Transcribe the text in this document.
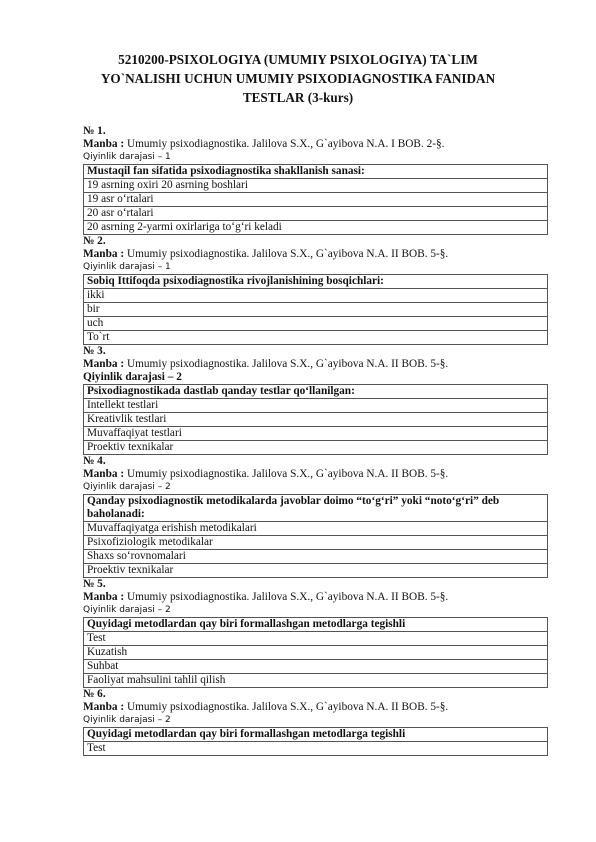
5210200-PSIXOLOGIYA (UMUMIY PSIXOLOGIYA) TA`LIM
YO`NALISHI UCHUN UMUMIY PSIXODIAGNOSTIKA FANIDAN
TESTLAR (3-kurs)
№ 1.
Manba : Umumiy psixodiagnostika. Jalilova S.X., G`ayibova N.A. I BOB. 2-§.
Qiyinlik darajasi – 1
Mustaqil fan sifatida psixodiagnostika shakllanish sanasi:
19 asrning oxiri 20 asrning boshlari
19 asr o‘rtalari
20 asr o‘rtalari
20 asrning 2-yarmi oxirlariga to‘g‘ri keladi
№ 2.
Manba : Umumiy psixodiagnostika. Jalilova S.X., G`ayibova N.A. II BOB. 5-§.
Qiyinlik darajasi – 1
Sobiq Ittifoqda psixodiagnostika rivojlanishining bosqichlari:
ikki
bir
uch
To`rt
№ 3.
Manba : Umumiy psixodiagnostika. Jalilova S.X., G`ayibova N.A. II BOB. 5-§.
Qiyinlik darajasi – 2
Psixodiagnostikada dastlab qanday testlar qo‘llanilgan:
Intellekt testlari
Kreativlik testlari
Muvaffaqiyat testlari
Proektiv texnikalar
№ 4.
Manba : Umumiy psixodiagnostika. Jalilova S.X., G`ayibova N.A. II BOB. 5-§.
Qiyinlik darajasi – 2
Qanday psixodiagnostik metodikalarda javoblar doimo “to‘g‘ri” yoki “noto‘g‘ri” deb baholanadi:
Muvaffaqiyatga erishish metodikalari
Psixofiziologik metodikalar
Shaxs so‘rovnomalari
Proektiv texnikalar
№ 5.
Manba : Umumiy psixodiagnostika. Jalilova S.X., G`ayibova N.A. II BOB. 5-§.
Qiyinlik darajasi – 2
Quyidagi metodlardan qay biri formallashgan metodlarga tegishli
Test
Kuzatish
Suhbat
Faoliyat mahsulini tahlil qilish
№ 6.
Manba : Umumiy psixodiagnostika. Jalilova S.X., G`ayibova N.A. II BOB. 5-§.
Qiyinlik darajasi – 2
Quyidagi metodlardan qay biri formallashgan metodlarga tegishli
Test
